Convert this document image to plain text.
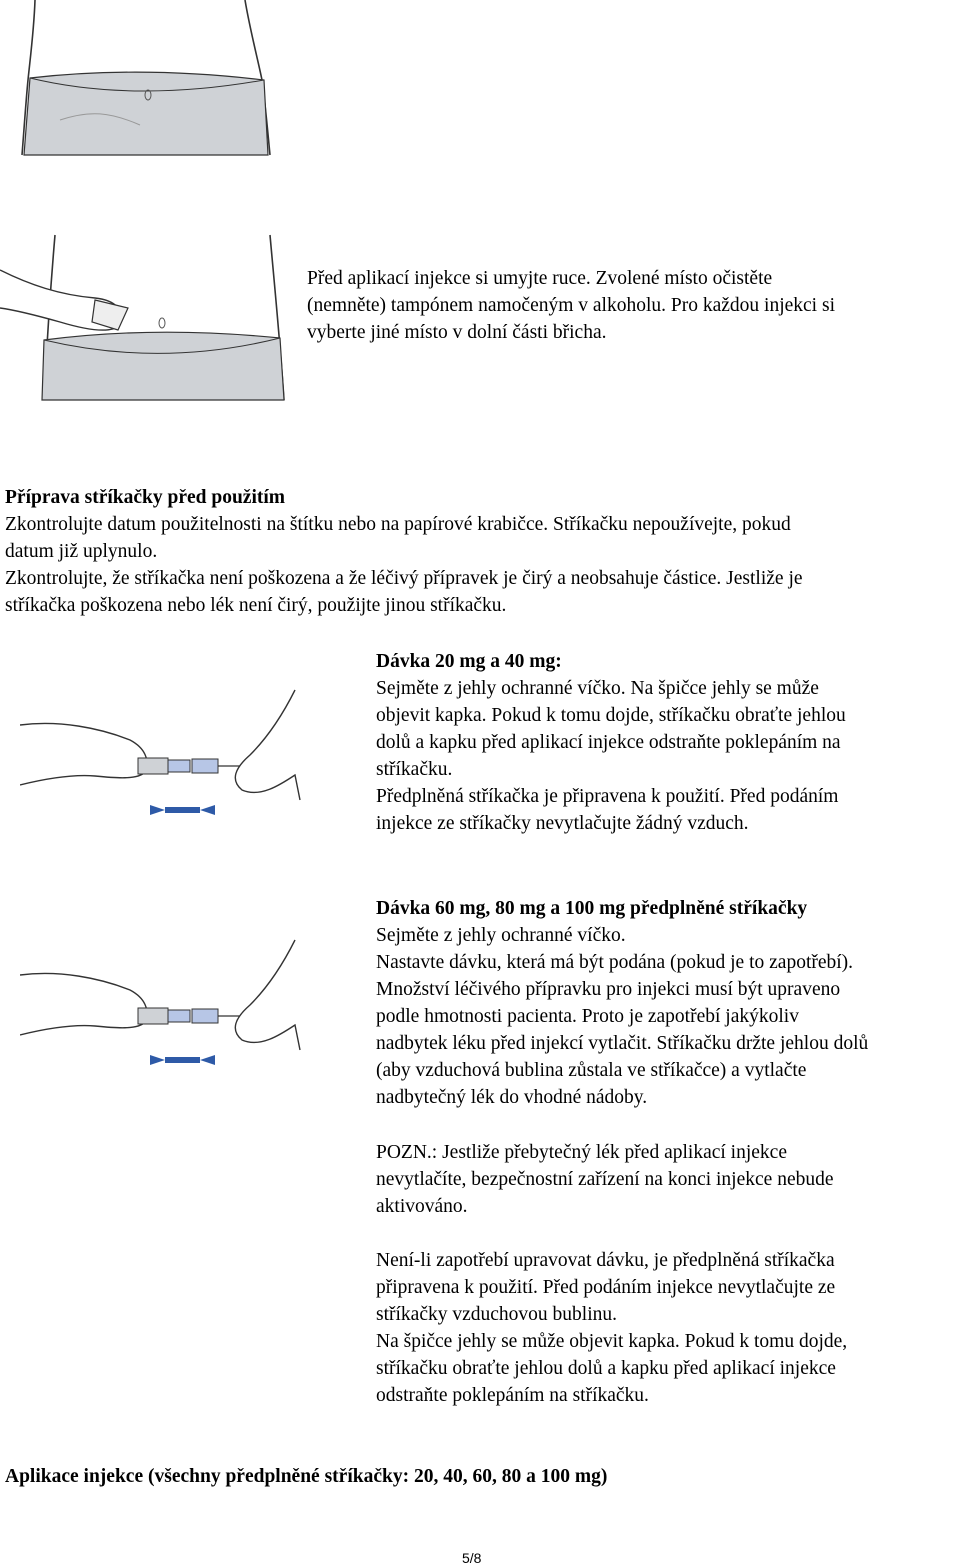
Před aplikací injekce si umyjte ruce. Zvolené místo očistěte
(nemněte) tampónem namočeným v alkoholu. Pro každou injekci si
vyberte jiné místo v dolní části břicha.

Příprava stříkačky před použitím
Zkontrolujte datum použitelnosti na štítku nebo na papírové krabičce. Stříkačku nepoužívejte, pokud
datum již uplynulo.
Zkontrolujte, že stříkačka není poškozena a že léčivý přípravek je čirý a neobsahuje částice. Jestliže je
stříkačka poškozena nebo lék není čirý, použijte jinou stříkačku.

Dávka 20 mg a 40 mg:
Sejměte z jehly ochranné víčko. Na špičce jehly se může
objevit kapka. Pokud k tomu dojde, stříkačku obraťte jehlou
dolů a kapku před aplikací injekce odstraňte poklepáním na
stříkačku.
Předplněná stříkačka je připravena k použití. Před podáním
injekce ze stříkačky nevytlačujte žádný vzduch.

Dávka 60 mg, 80 mg a 100 mg předplněné stříkačky
Sejměte z jehly ochranné víčko.
Nastavte dávku, která má být podána (pokud je to zapotřebí).
Množství léčivého přípravku pro injekci musí být upraveno
podle hmotnosti pacienta. Proto je zapotřebí jakýkoliv
nadbytek léku před injekcí vytlačit. Stříkačku držte jehlou dolů
(aby vzduchová bublina zůstala ve stříkačce) a vytlačte
nadbytečný lék do vhodné nádoby.

POZN.: Jestliže přebytečný lék před aplikací injekce
nevytlačíte, bezpečnostní zařízení na konci injekce nebude
aktivováno.

Není-li zapotřebí upravovat dávku, je předplněná stříkačka
připravena k použití. Před podáním injekce nevytlačujte ze
stříkačky vzduchovou bublinu.
Na špičce jehly se může objevit kapka. Pokud k tomu dojde,
stříkačku obraťte jehlou dolů a kapku před aplikací injekce
odstraňte poklepáním na stříkačku.

Aplikace injekce (všechny předplněné stříkačky: 20, 40, 60, 80 a 100 mg)

5/8
